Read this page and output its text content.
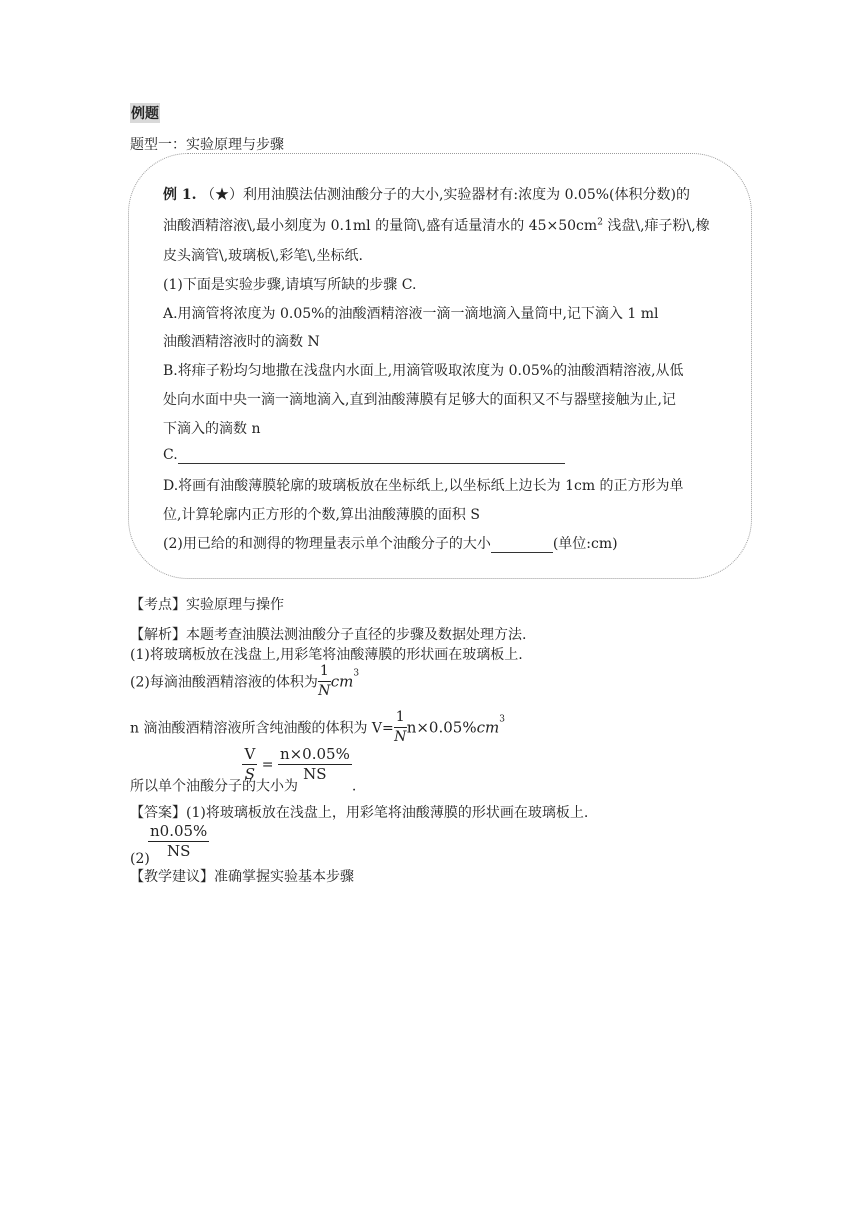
例题
题型一：实验原理与步骤
例 1. （★）利用油膜法估测油酸分子的大小,实验器材有:浓度为 0.05%(体积分数)的
油酸酒精溶液\,最小刻度为 0.1ml 的量筒\,盛有适量清水的 $45\times 50cm^2$ 浅盘\,痱子粉\,橡
皮头滴管\,玻璃板\,彩笔\,坐标纸.
(1)下面是实验步骤,请填写所缺的步骤 C.
A.用滴管将浓度为 0.05%的油酸酒精溶液一滴一滴地滴入量筒中,记下滴入 1 ml
油酸酒精溶液时的滴数 N
B.将痱子粉均匀地撒在浅盘内水面上,用滴管吸取浓度为 0.05%的油酸酒精溶液,从低
处向水面中央一滴一滴地滴入,直到油酸薄膜有足够大的面积又不与器壁接触为止,记
下滴入的滴数 n
C.
D.将画有油酸薄膜轮廓的玻璃板放在坐标纸上,以坐标纸上边长为 1cm 的正方形为单
位,计算轮廓内正方形的个数,算出油酸薄膜的面积 S
(2)用已给的和测得的物理量表示单个油酸分子的大小	(单位:cm)
【考点】实验原理与操作
【解析】本题考查油膜法测油酸分子直径的步骤及数据处理方法.
(1)将玻璃板放在浅盘上,用彩笔将油酸薄膜的形状画在玻璃板上.
(2)每滴油酸酒精溶液的体积为 $\frac{1}{N} cm^3$
n 滴油酸酒精溶液所含纯油酸的体积为 $V= \frac{1}{N} n\times 0.05\%cm^3$
所以单个油酸分子的大小为
$\frac{V}{S} = \frac{n\times 0.05\%}{NS}$
.
【答案】(1)将玻璃板放在浅盘上，用彩笔将油酸薄膜的形状画在玻璃板上.
$\frac{n0.05\%}{NS}$
(2)
【教学建议】准确掌握实验基本步骤
